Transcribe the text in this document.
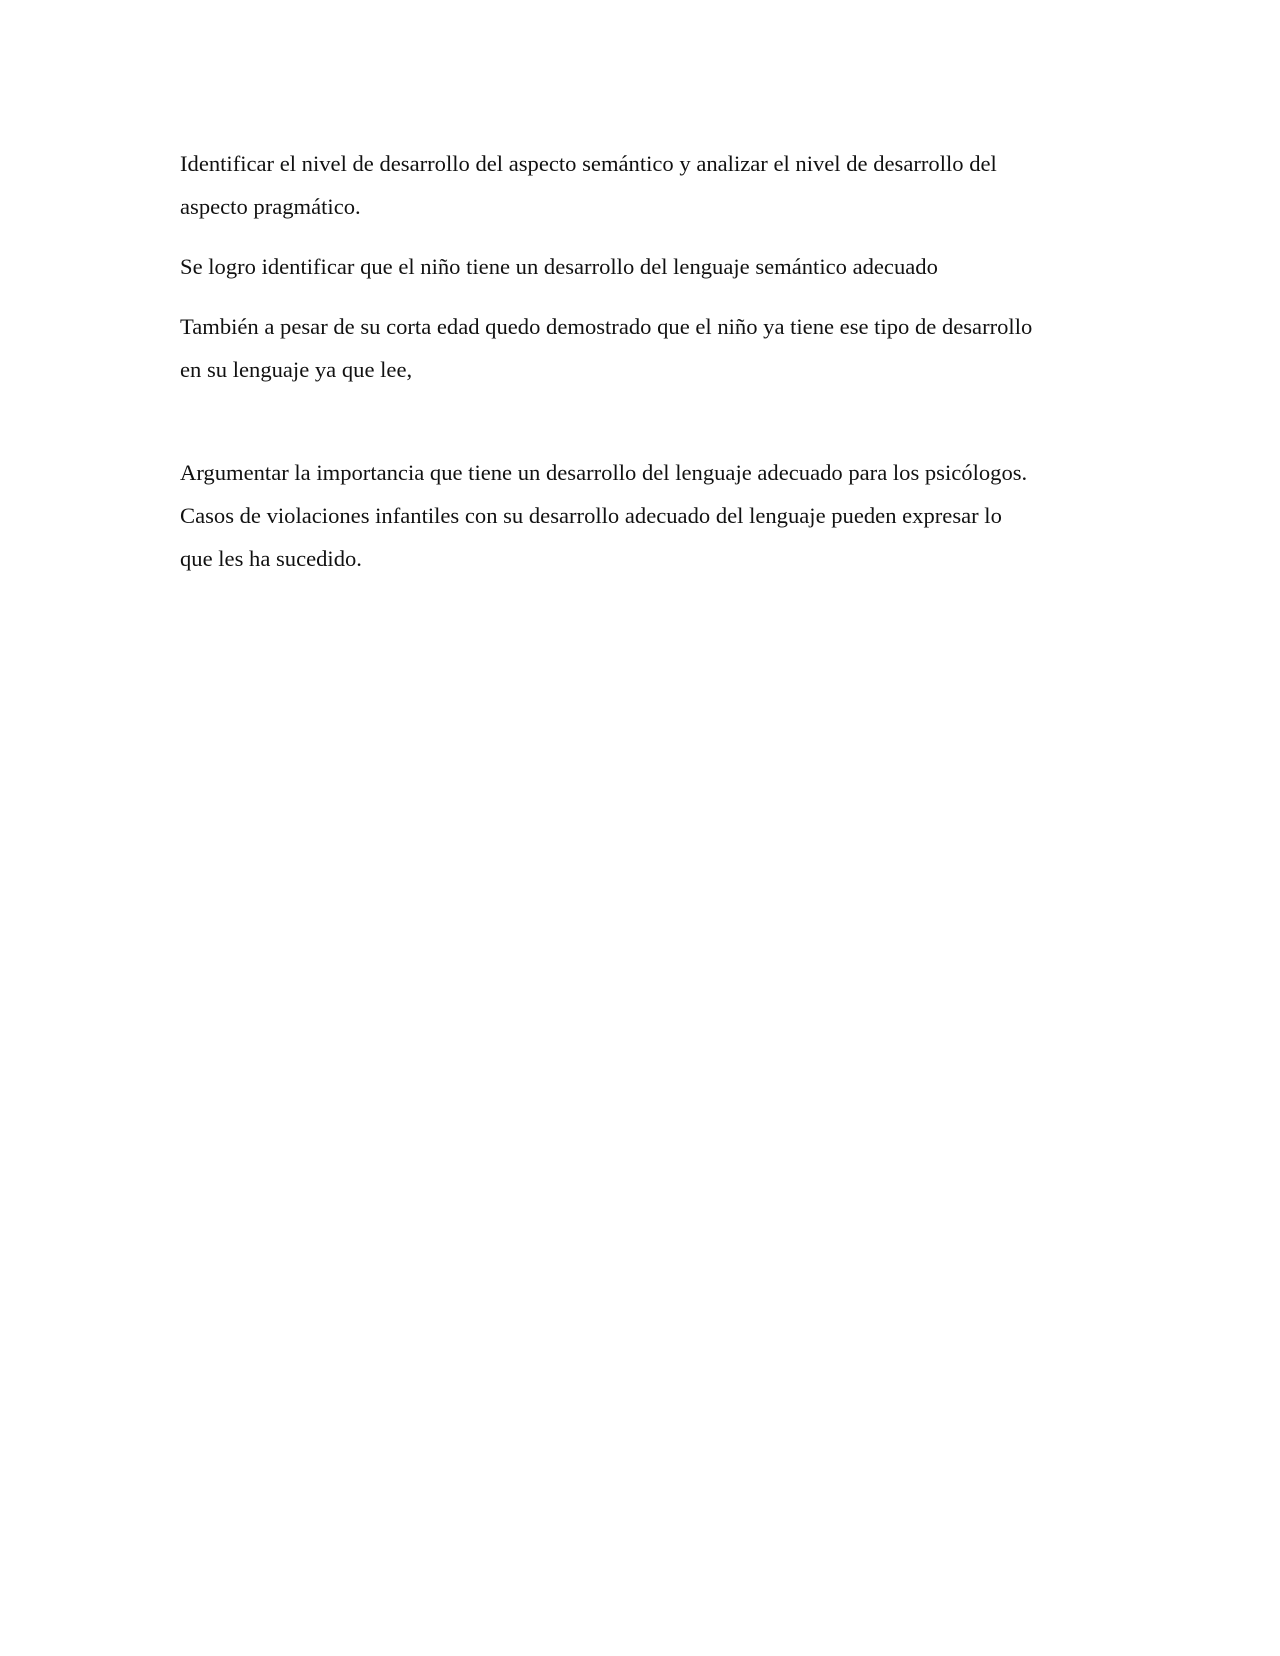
Identificar el nivel de desarrollo del aspecto semántico y analizar el nivel de desarrollo del
aspecto pragmático.

Se logro identificar que el niño tiene un desarrollo del lenguaje semántico adecuado

También a pesar de su corta edad quedo demostrado que el niño ya tiene ese tipo de desarrollo
en su lenguaje ya que lee,

Argumentar la importancia que tiene un desarrollo del lenguaje adecuado para los psicólogos.
Casos de violaciones infantiles con su desarrollo adecuado del lenguaje pueden expresar lo
que les ha sucedido.
